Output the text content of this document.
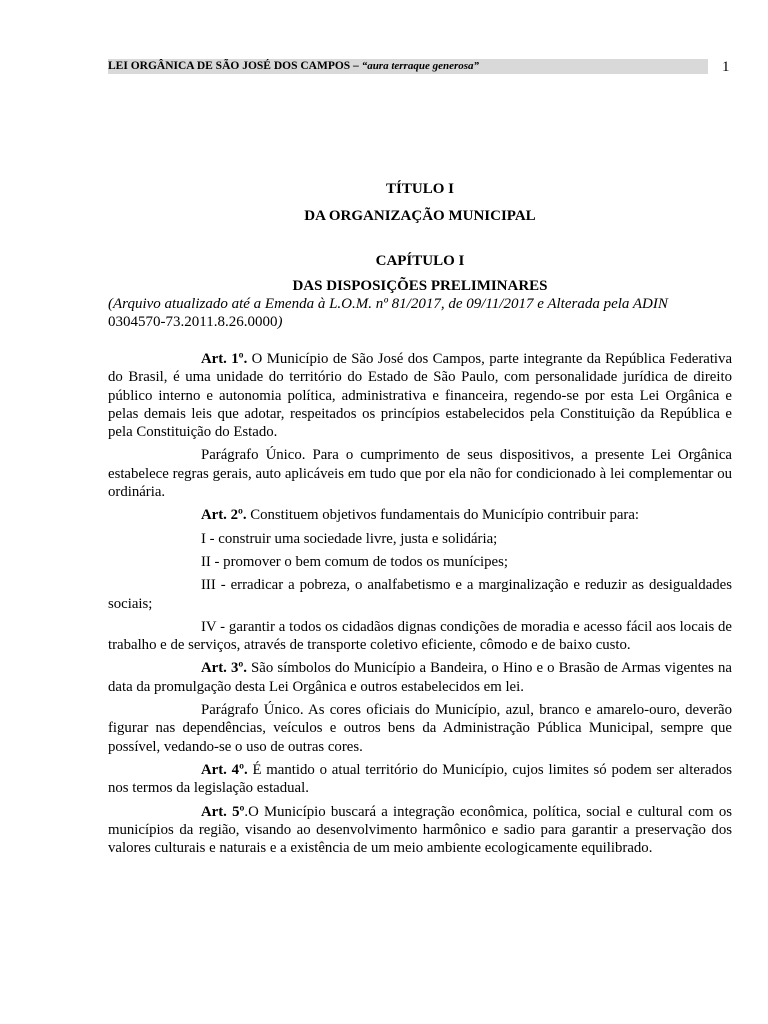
LEI ORGÂNICA DE SÃO JOSÉ DOS CAMPOS – “aura terraque generosa”	1
TÍTULO I
DA ORGANIZAÇÃO MUNICIPAL
CAPÍTULO I
DAS DISPOSIÇÕES PRELIMINARES
(Arquivo atualizado até a Emenda à L.O.M. nº 81/2017, de 09/11/2017 e Alterada pela ADIN
0304570-73.2011.8.26.0000)

Art. 1º. O Município de São José dos Campos, parte integrante da República Federativa do Brasil, é uma unidade do território do Estado de São Paulo, com personalidade jurídica de direito público interno e autonomia política, administrativa e financeira, regendo-se por esta Lei Orgânica e pelas demais leis que adotar, respeitados os princípios estabelecidos pela Constituição da República e pela Constituição do Estado.

Parágrafo Único. Para o cumprimento de seus dispositivos, a presente Lei Orgânica estabelece regras gerais, auto aplicáveis em tudo que por ela não for condicionado à lei complementar ou ordinária.

Art. 2º. Constituem objetivos fundamentais do Município contribuir para:

I - construir uma sociedade livre, justa e solidária;

II - promover o bem comum de todos os munícipes;

III - erradicar a pobreza, o analfabetismo e a marginalização e reduzir as desigualdades sociais;

IV - garantir a todos os cidadãos dignas condições de moradia e acesso fácil aos locais de trabalho e de serviços, através de transporte coletivo eficiente, cômodo e de baixo custo.

Art. 3º. São símbolos do Município a Bandeira, o Hino e o Brasão de Armas vigentes na data da promulgação desta Lei Orgânica e outros estabelecidos em lei.

Parágrafo Único. As cores oficiais do Município, azul, branco e amarelo-ouro, deverão figurar nas dependências, veículos e outros bens da Administração Pública Municipal, sempre que possível, vedando-se o uso de outras cores.

Art. 4º. É mantido o atual território do Município, cujos limites só podem ser alterados nos termos da legislação estadual.

Art. 5º.O Município buscará a integração econômica, política, social e cultural com os municípios da região, visando ao desenvolvimento harmônico e sadio para garantir a preservação dos valores culturais e naturais e a existência de um meio ambiente ecologicamente equilibrado.
